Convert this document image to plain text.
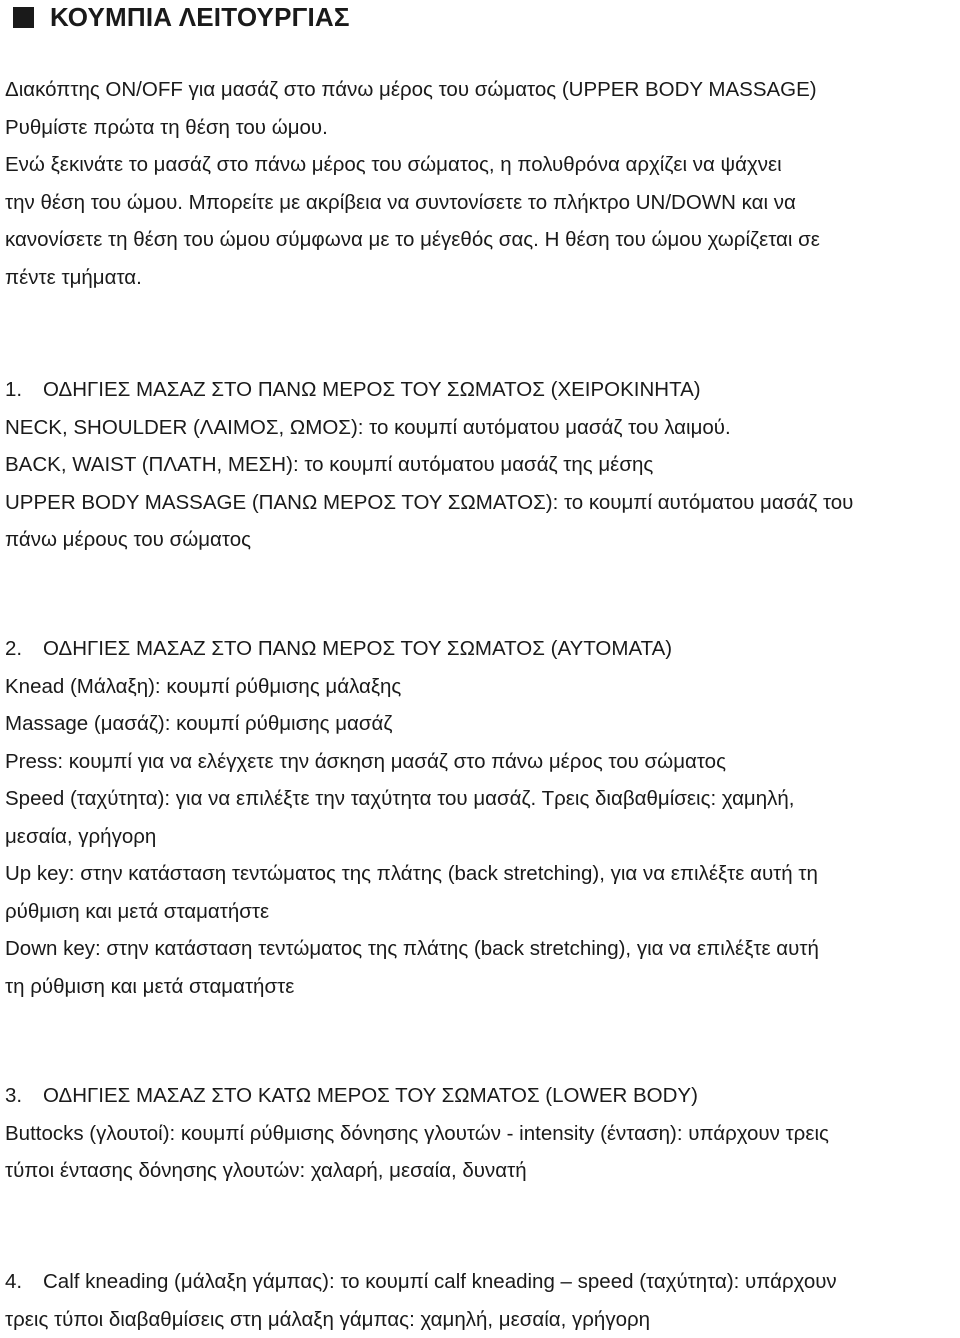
ΚΟΥΜΠΙΑ ΛΕΙΤΟΥΡΓΙΑΣ
Διακόπτης ON/OFF για μασάζ στο πάνω μέρος του σώματος (UPPER BODY MASSAGE)
Ρυθμίστε πρώτα τη θέση του ώμου.
Ενώ ξεκινάτε το μασάζ στο πάνω μέρος του σώματος, η πολυθρόνα αρχίζει να ψάχνει
την θέση του ώμου. Μπορείτε με ακρίβεια να συντονίσετε το πλήκτρο UN/DOWN και να
κανονίσετε τη θέση του ώμου σύμφωνα με το μέγεθός σας. Η θέση του ώμου χωρίζεται σε
πέντε τμήματα.
1. ΟΔΗΓΙΕΣ ΜΑΣΑΖ ΣΤΟ ΠΑΝΩ ΜΕΡΟΣ ΤΟΥ ΣΩΜΑΤΟΣ (ΧΕΙΡΟΚΙΝΗΤΑ)
NECK, SHOULDER (ΛΑΙΜΟΣ, ΩΜΟΣ): το κουμπί αυτόματου μασάζ του λαιμού.
BACK, WAIST (ΠΛΑΤΗ, ΜΕΣΗ): το κουμπί αυτόματου μασάζ της μέσης
UPPER BODY MASSAGE (ΠΑΝΩ ΜΕΡΟΣ ΤΟΥ ΣΩΜΑΤΟΣ): το κουμπί αυτόματου μασάζ του
πάνω μέρους του σώματος
2. ΟΔΗΓΙΕΣ ΜΑΣΑΖ ΣΤΟ ΠΑΝΩ ΜΕΡΟΣ ΤΟΥ ΣΩΜΑΤΟΣ (ΑΥΤΟΜΑΤΑ)
Knead (Μάλαξη): κουμπί ρύθμισης μάλαξης
Massage (μασάζ): κουμπί ρύθμισης μασάζ
Press: κουμπί για να ελέγχετε την άσκηση μασάζ στο πάνω μέρος του σώματος
Speed (ταχύτητα): για να επιλέξτε την ταχύτητα του μασάζ. Τρεις διαβαθμίσεις: χαμηλή,
μεσαία, γρήγορη
Up key: στην κατάσταση τεντώματος της πλάτης (back stretching), για να επιλέξτε αυτή τη
ρύθμιση και μετά σταματήστε
Down key: στην κατάσταση τεντώματος της πλάτης (back stretching), για να επιλέξτε αυτή
τη ρύθμιση και μετά σταματήστε
3. ΟΔΗΓΙΕΣ ΜΑΣΑΖ ΣΤΟ ΚΑΤΩ ΜΕΡΟΣ ΤΟΥ ΣΩΜΑΤΟΣ (LOWER BODY)
Buttocks (γλουτοί): κουμπί ρύθμισης δόνησης γλουτών - intensity (ένταση): υπάρχουν τρεις
τύποι έντασης δόνησης γλουτών: χαλαρή, μεσαία, δυνατή
4. Calf kneading (μάλαξη γάμπας): το κουμπί calf kneading – speed (ταχύτητα): υπάρχουν
τρεις τύποι διαβαθμίσεις στη μάλαξη γάμπας: χαμηλή, μεσαία, γρήγορη
